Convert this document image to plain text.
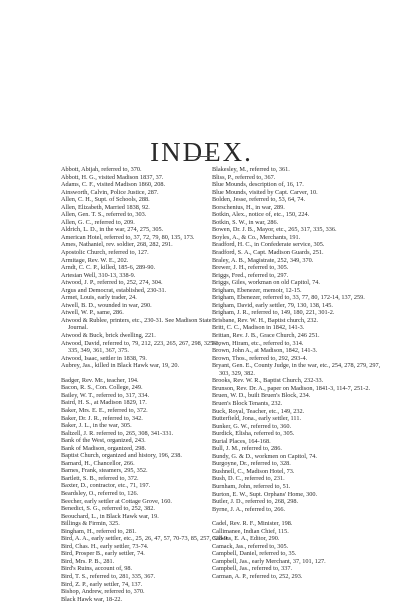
INDEX.
Abbott, Abijah, referred to, 370.
Abbott, H. G., visited Madison 1837, 37.
Adams, C. F., visited Madison 1860, 208.
Ainsworth, Calvin, Police Justice, 287.
Allen, C. H., Supt. of Schools, 288.
Allen, Elizabeth, Married 1838, 92.
Allen, Gen. T. S., referred to, 303.
Allen, G. C., referred to, 209.
Aldrich, L. D., in the war, 274, 275, 305.
American Hotel, referred to, 37, 72, 79, 80, 135, 173.
Ames, Nathaniel, rev. soldier, 268, 282, 291.
Apostolic Church, referred to, 127.
Armitage, Rev. W. E., 202.
Arndt, C. C. P., killed, 185-6, 289-90.
Artesian Well, 310-13, 338-9.
Atwood, J. P., referred to, 252, 274, 304.
Argus and Democrat, established, 230-31.
Armet, Louis, early trader, 24.
Atwell, B. D., wounded in war, 290.
Atwell, W. P., same, 286.
Atwood & Rublee, printers, etc., 230-31. See Madison State Journal.
Atwood & Buck, brick dwelling, 221.
Atwood, David, referred to, 79, 212, 223, 265, 267, 298, 325-1, 335, 349, 361, 367, 375.
Atwood, Isaac, settler in 1838, 79.
Aubrey, Jas., killed in Black Hawk war, 19, 20.
Badger, Rev. Mr., teacher, 194.
Bacon, R. S., Con. College, 249.
Bailey, W. T., referred to, 317, 334.
Baird, H. S., at Madison 1829, 17.
Baker, Mrs. E. E., referred to, 372.
Baker, Dr. J. R., referred to, 342.
Baker, J. L., in the war, 305.
Baltzell, J. R. referred to, 265, 308, 341-331.
Bank of the West, organized, 243.
Bank of Madison, organized, 298.
Baptist Church, organized and history, 196, 238.
Barnard, H., Chancellor, 266.
Barnes, Frank, steamers, 295, 352.
Bartlett, S. B., referred to, 372.
Baxter, D., contractor, etc., 71, 197.
Beardsley, O., referred to, 126.
Beecher, early settler at Cottage Grove, 160.
Benedict, S. G., referred to, 252, 382.
Beouchard, L., in Black Hawk war, 19.
Billings & Firmin, 325.
Bingham, H., referred to, 281.
Bird, A. A., early settler, etc., 25, 26, 47, 57, 70-73, 85, 257, 328-9.
Bird, Chas. H., early settler, 73-74.
Bird, Prosper B., early settler, 74.
Bird, Mrs. P. B., 281.
Bird's Ruins, account of, 98.
Bird, T. S., referred to, 281, 335, 367.
Bird, Z. P., early settler, 74, 137.
Bishop, Andrew, referred to, 370.
Black Hawk war, 18-22.
Blakesley, M., referred to, 361.
Bliss, P., referred to, 367.
Blue Mounds, description of, 16, 17.
Blue Mounds, visited by Capt. Carver, 10.
Bolden, Jesse, referred to, 53, 64, 74.
Borschenius, H., in war, 289.
Botkin, Alex., notice of, etc., 150, 224.
Botkin, S. W., in war, 286.
Bowen, Dr. J. B., Mayor, etc., 265, 317, 335, 336.
Boyles, A., & Co., Merchants, 191.
Bradford, H. C., in Confederate service, 305.
Bradford, S. A., Capt. Madison Guards, 251.
Braley, A. B., Magistrate, 252, 349, 370.
Brewer, J. H., referred to, 305.
Briggs, Fred., referred to, 297.
Briggs, Giles, workman on old Capitol, 74.
Brigham, Ebenezer, memoir, 12-15.
Brigham, Ebenezer, referred to, 33, 77, 80, 172-14, 137, 259.
Brigham, David, early settler, 79, 130, 138, 145.
Brigham, J. R., referred to, 149, 180, 221, 301-2.
Brisbane, Rev. W. H., Baptist church, 232.
Britt, C. C., Madison in 1842, 141-3.
Brittan, Rev. J. B., Grace Church, 246 251.
Brown, Hiram, etc., referred to, 314.
Brown, John A., at Madison, 1842, 141-3.
Brown, Thos., referred to, 292, 293-4.
Bryant, Gen. E., County Judge, in the war, etc., 254, 278, 279, 297, 303, 329, 382.
Brooks, Rev. W. R., Baptist Church, 232-33.
Brunson, Rev. Dr. A., paper on Madison, 1841-3, 114-7, 251-2.
Bruen, W. D., built Bruen's Block, 234.
Bruen's Block Tenants, 232.
Buck, Royal, Teacher, etc., 149, 232.
Butterfield, Jona., early settler, 111.
Bunker, G. W., referred to, 360.
Burdick, Elisha, referred to, 305.
Burial Places, 164-168.
Bull, J. M., referred to, 286.
Bundy, G. & D., workmen on Capitol, 74.
Burgoyne, Dr., referred to, 328.
Bushnell, C., Madison Hotel, 73.
Bush, D. C., referred to, 231.
Burnham, John, referred to, 51.
Burton, E. W., Supt. Orphans' Home, 300.
Butler, J. D., referred to, 268, 298.
Byrne, J. A., referred to, 266.
Cadel, Rev. R. F., Minister, 198.
Callimanee, Indian Chief, 115.
Calkins, E. A., Editor, 290.
Camack, Jas., referred to, 305.
Campbell, Daniel, referred to, 35.
Campbell, Jas., early Merchant, 37, 101, 127.
Campbell, Jas., referred to, 337.
Carman, A. P., referred to, 252, 293.
